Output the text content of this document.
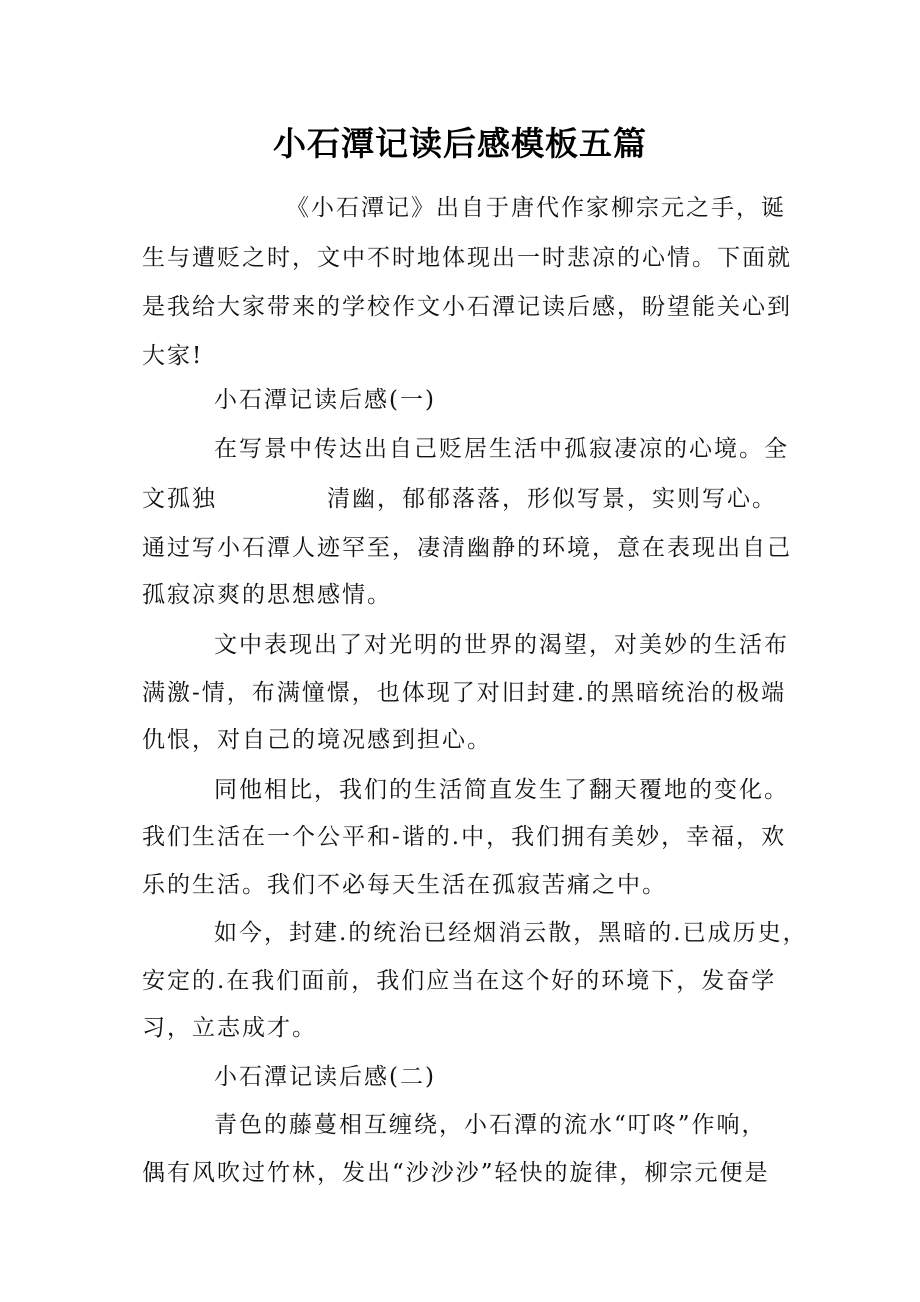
小石潭记读后感模板五篇
《小石潭记》出自于唐代作家柳宗元之手，诞
生与遭贬之时，文中不时地体现出一时悲凉的心情。下面就
是我给大家带来的学校作文小石潭记读后感，盼望能关心到
大家!
小石潭记读后感(一)
在写景中传达出自己贬居生活中孤寂凄凉的心境。全
文孤独	清幽，郁郁落落，形似写景，实则写心。
通过写小石潭人迹罕至，凄清幽静的环境，意在表现出自己
孤寂凉爽的思想感情。
文中表现出了对光明的世界的渴望，对美妙的生活布
满激-情，布满憧憬，也体现了对旧封建.的黑暗统治的极端
仇恨，对自己的境况感到担心。
同他相比，我们的生活简直发生了翻天覆地的变化。
我们生活在一个公平和-谐的.中，我们拥有美妙，幸福，欢
乐的生活。我们不必每天生活在孤寂苦痛之中。
如今，封建.的统治已经烟消云散，黑暗的.已成历史，
安定的.在我们面前，我们应当在这个好的环境下，发奋学
习，立志成才。
小石潭记读后感(二)
青色的藤蔓相互缠绕，小石潭的流水“叮咚”作响，
偶有风吹过竹林，发出“沙沙沙”轻快的旋律，柳宗元便是
